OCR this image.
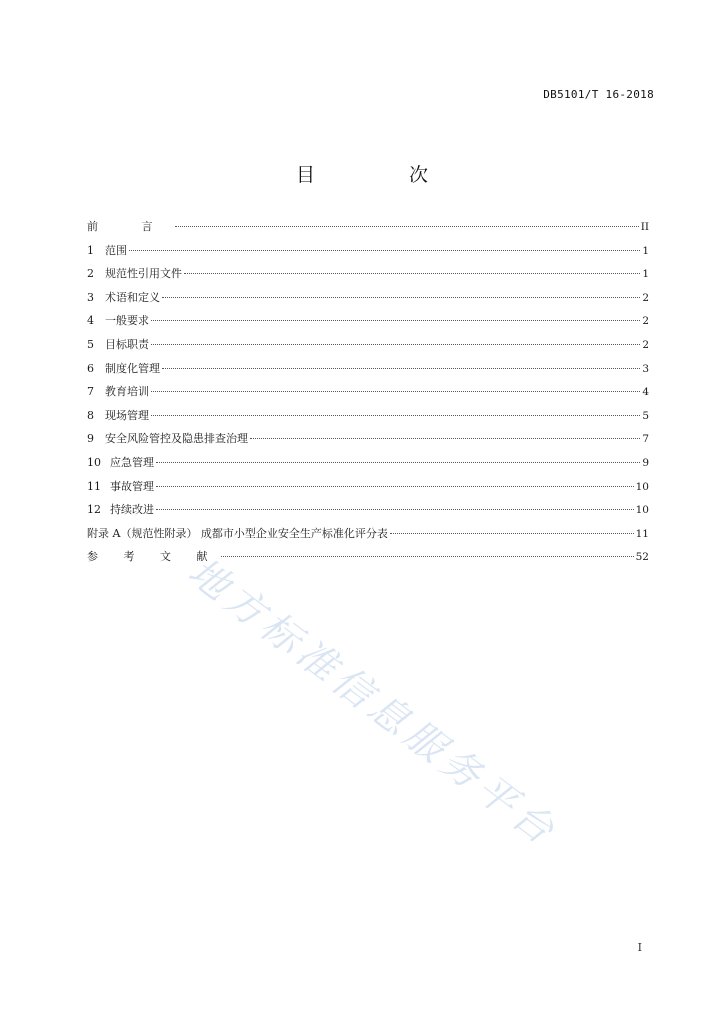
DB5101/T 16-2018
目 次
前 言	II
1	范围	1
2	规范性引用文件	1
3	术语和定义	2
4	一般要求	2
5	目标职责	2
6	制度化管理	3
7	教育培训	4
8	现场管理	5
9	安全风险管控及隐患排查治理	7
10 应急管理	9
11 事故管理	10
12 持续改进	10
附录 A（规范性附录） 成都市小型企业安全生产标准化评分表	11
参 考 文 献	52
地方标准信息服务平台
I
